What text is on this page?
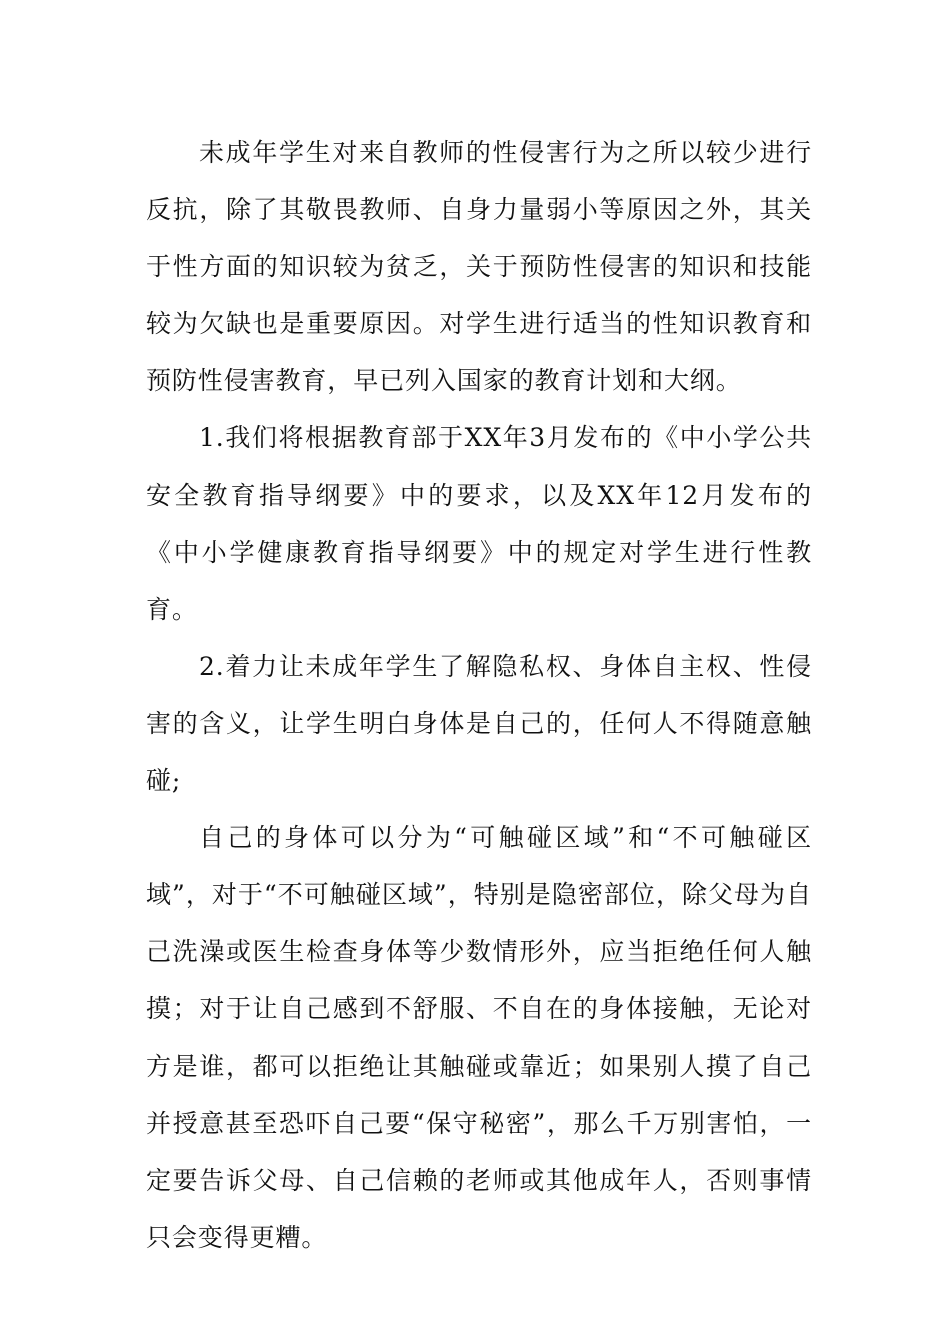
未成年学生对来自教师的性侵害行为之所以较少进行反抗，除了其敬畏教师、自身力量弱小等原因之外，其关于性方面的知识较为贫乏，关于预防性侵害的知识和技能较为欠缺也是重要原因。对学生进行适当的性知识教育和预防性侵害教育，早已列入国家的教育计划和大纲。

1.我们将根据教育部于XX年3月发布的《中小学公共安全教育指导纲要》中的要求，以及XX年12月发布的《中小学健康教育指导纲要》中的规定对学生进行性教育。

2.着力让未成年学生了解隐私权、身体自主权、性侵害的含义，让学生明白身体是自己的，任何人不得随意触碰;

自己的身体可以分为“可触碰区域”和“不可触碰区域”，对于“不可触碰区域”，特别是隐密部位，除父母为自己洗澡或医生检查身体等少数情形外，应当拒绝任何人触摸；对于让自己感到不舒服、不自在的身体接触，无论对方是谁，都可以拒绝让其触碰或靠近；如果别人摸了自己并授意甚至恐吓自己要“保守秘密”，那么千万别害怕，一定要告诉父母、自己信赖的老师或其他成年人，否则事情只会变得更糟。
